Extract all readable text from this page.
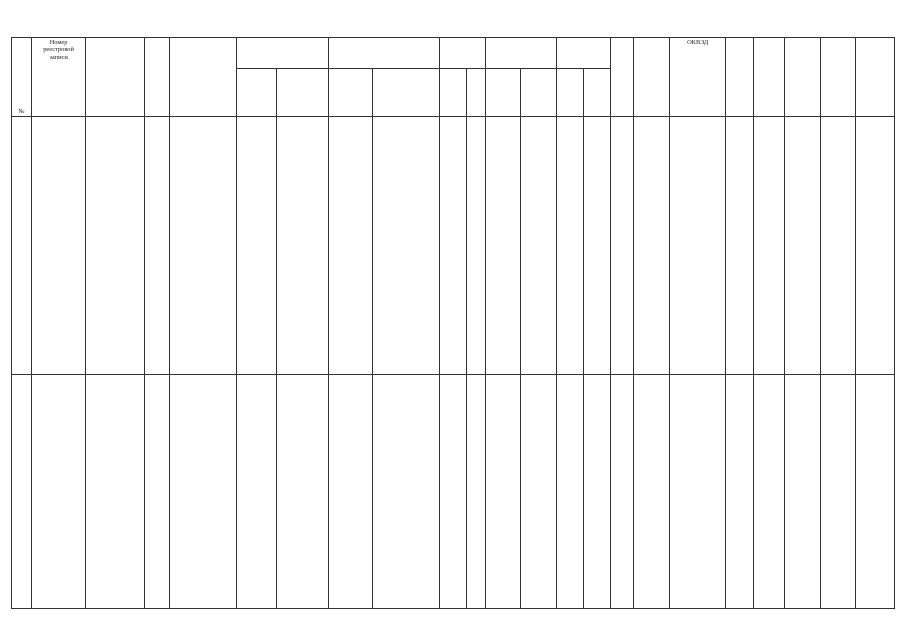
№	Номер реестровой записи																ОКВЭД					
